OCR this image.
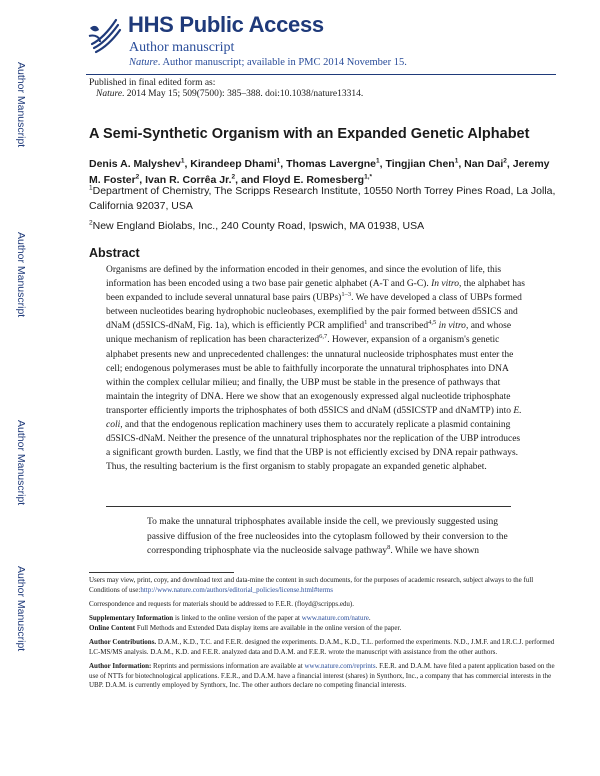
Author Manuscript
Author Manuscript
Author Manuscript
Author Manuscript
HHS Public Access
Author manuscript
Nature. Author manuscript; available in PMC 2014 November 15.
Published in final edited form as:
Nature. 2014 May 15; 509(7500): 385–388. doi:10.1038/nature13314.
A Semi-Synthetic Organism with an Expanded Genetic Alphabet
Denis A. Malyshev$^1$, Kirandeep Dhami$^1$, Thomas Lavergne$^1$, Tingjian Chen$^1$, Nan Dai$^2$, Jeremy M. Foster$^2$, Ivan R. Corrêa Jr.$^2$, and Floyd E. Romesberg$^{1,*}$
$^1$Department of Chemistry, The Scripps Research Institute, 10550 North Torrey Pines Road, La Jolla, California 92037, USA
$^2$New England Biolabs, Inc., 240 County Road, Ipswich, MA 01938, USA
Abstract
Organisms are defined by the information encoded in their genomes, and since the evolution of life, this information has been encoded using a two base pair genetic alphabet (A-T and G-C). In vitro, the alphabet has been expanded to include several unnatural base pairs (UBPs)$^{1-3}$. We have developed a class of UBPs formed between nucleotides bearing hydrophobic nucleobases, exemplified by the pair formed between d5SICS and dNaM (d5SICS-dNaM, Fig. 1a), which is efficiently PCR amplified$^1$ and transcribed$^{4,5}$ in vitro, and whose unique mechanism of replication has been characterized$^{6,7}$. However, expansion of a organism's genetic alphabet presents new and unprecedented challenges: the unnatural nucleoside triphosphates must enter the cell; endogenous polymerases must be able to faithfully incorporate the unnatural triphosphates into DNA within the complex cellular milieu; and finally, the UBP must be stable in the presence of pathways that maintain the integrity of DNA. Here we show that an exogenously expressed algal nucleotide triphosphate transporter efficiently imports the triphosphates of both d5SICS and dNaM (d5SICSTP and dNaMTP) into E. coli, and that the endogenous replication machinery uses them to accurately replicate a plasmid containing d5SICS-dNaM. Neither the presence of the unnatural triphosphates nor the replication of the UBP introduces a significant growth burden. Lastly, we find that the UBP is not efficiently excised by DNA repair pathways. Thus, the resulting bacterium is the first organism to stably propagate an expanded genetic alphabet.
To make the unnatural triphosphates available inside the cell, we previously suggested using passive diffusion of the free nucleosides into the cytoplasm followed by their conversion to the corresponding triphosphate via the nucleoside salvage pathway$^8$. While we have shown

Users may view, print, copy, and download text and data-mine the content in such documents, for the purposes of academic research, subject always to the full Conditions of use:http://www.nature.com/authors/editorial_policies/license.html#terms

Correspondence and requests for materials should be addressed to F.E.R. (floyd@scripps.edu).

Supplementary Information is linked to the online version of the paper at www.nature.com/nature.

Online Content Full Methods and Extended Data display items are available in the online version of the paper.

Author Contributions. D.A.M., K.D., T.C. and F.E.R. designed the experiments. D.A.M., K.D., T.L. performed the experiments. N.D., J.M.F. and I.R.C.J. performed LC-MS/MS analysis. D.A.M., K.D. and F.E.R. analyzed data and D.A.M. and F.E.R. wrote the manuscript with assistance from the other authors.

Author Information: Reprints and permissions information are available at www.nature.com/reprints. F.E.R. and D.A.M. have filed a patent application based on the use of NTTs for biotechnological applications. F.E.R., and D.A.M. have a financial interest (shares) in Synthorx, Inc., a company that has commercial interests in the UBP. D.A.M. is currently employed by Synthorx, Inc. The other authors declare no competing financial interests.
